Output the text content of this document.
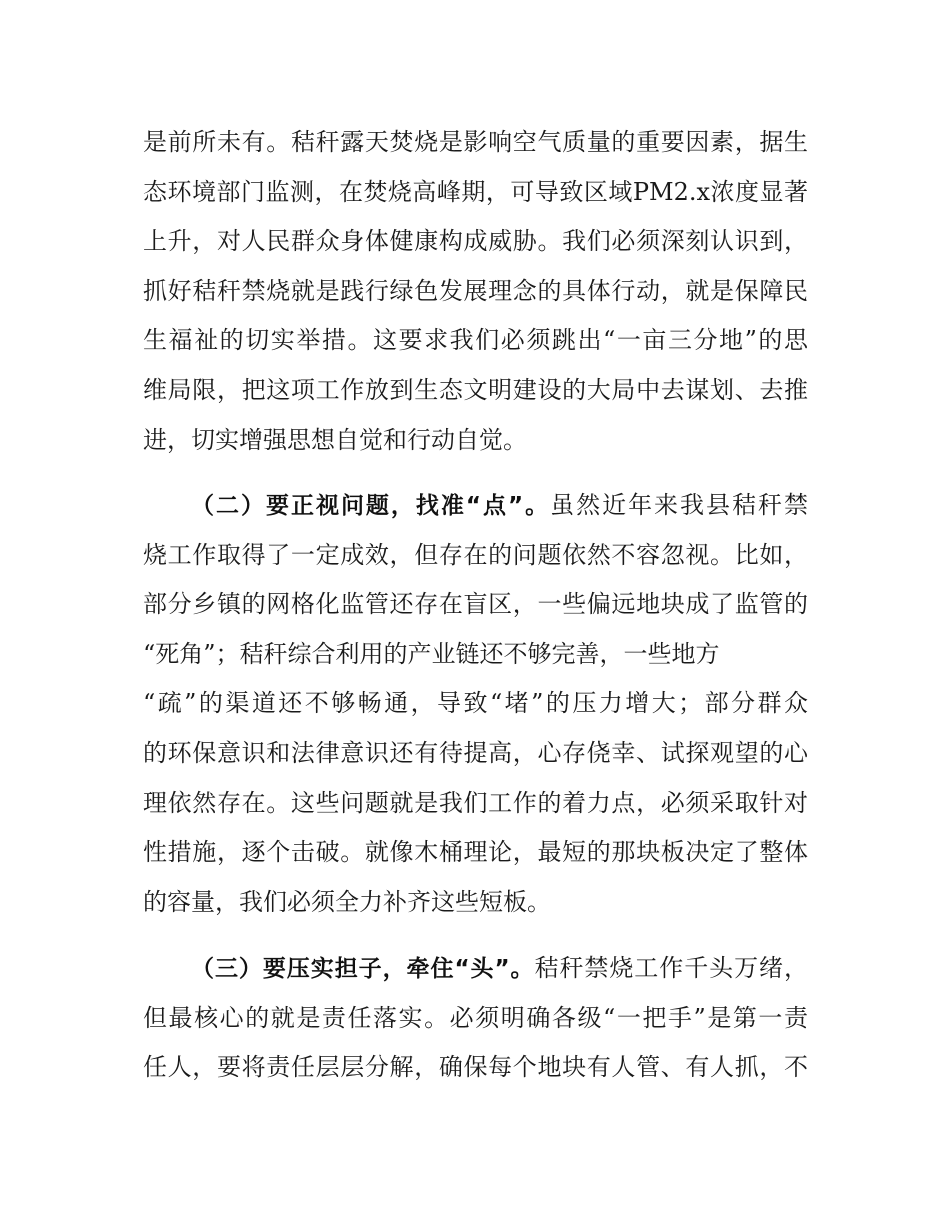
是前所未有。秸秆露天焚烧是影响空气质量的重要因素，据生
态环境部门监测，在焚烧高峰期，可导致区域PM2.x浓度显著
上升，对人民群众身体健康构成威胁。我们必须深刻认识到，
抓好秸秆禁烧就是践行绿色发展理念的具体行动，就是保障民
生福祉的切实举措。这要求我们必须跳出“一亩三分地”的思
维局限，把这项工作放到生态文明建设的大局中去谋划、去推
进，切实增强思想自觉和行动自觉。
（二）要正视问题，找准“点”。虽然近年来我县秸秆禁
烧工作取得了一定成效，但存在的问题依然不容忽视。比如，
部分乡镇的网格化监管还存在盲区，一些偏远地块成了监管的
“死角”；秸秆综合利用的产业链还不够完善，一些地方
“疏”的渠道还不够畅通，导致“堵”的压力增大；部分群众
的环保意识和法律意识还有待提高，心存侥幸、试探观望的心
理依然存在。这些问题就是我们工作的着力点，必须采取针对
性措施，逐个击破。就像木桶理论，最短的那块板决定了整体
的容量，我们必须全力补齐这些短板。
（三）要压实担子，牵住“头”。秸秆禁烧工作千头万绪，
但最核心的就是责任落实。必须明确各级“一把手”是第一责
任人，要将责任层层分解，确保每个地块有人管、有人抓，不
